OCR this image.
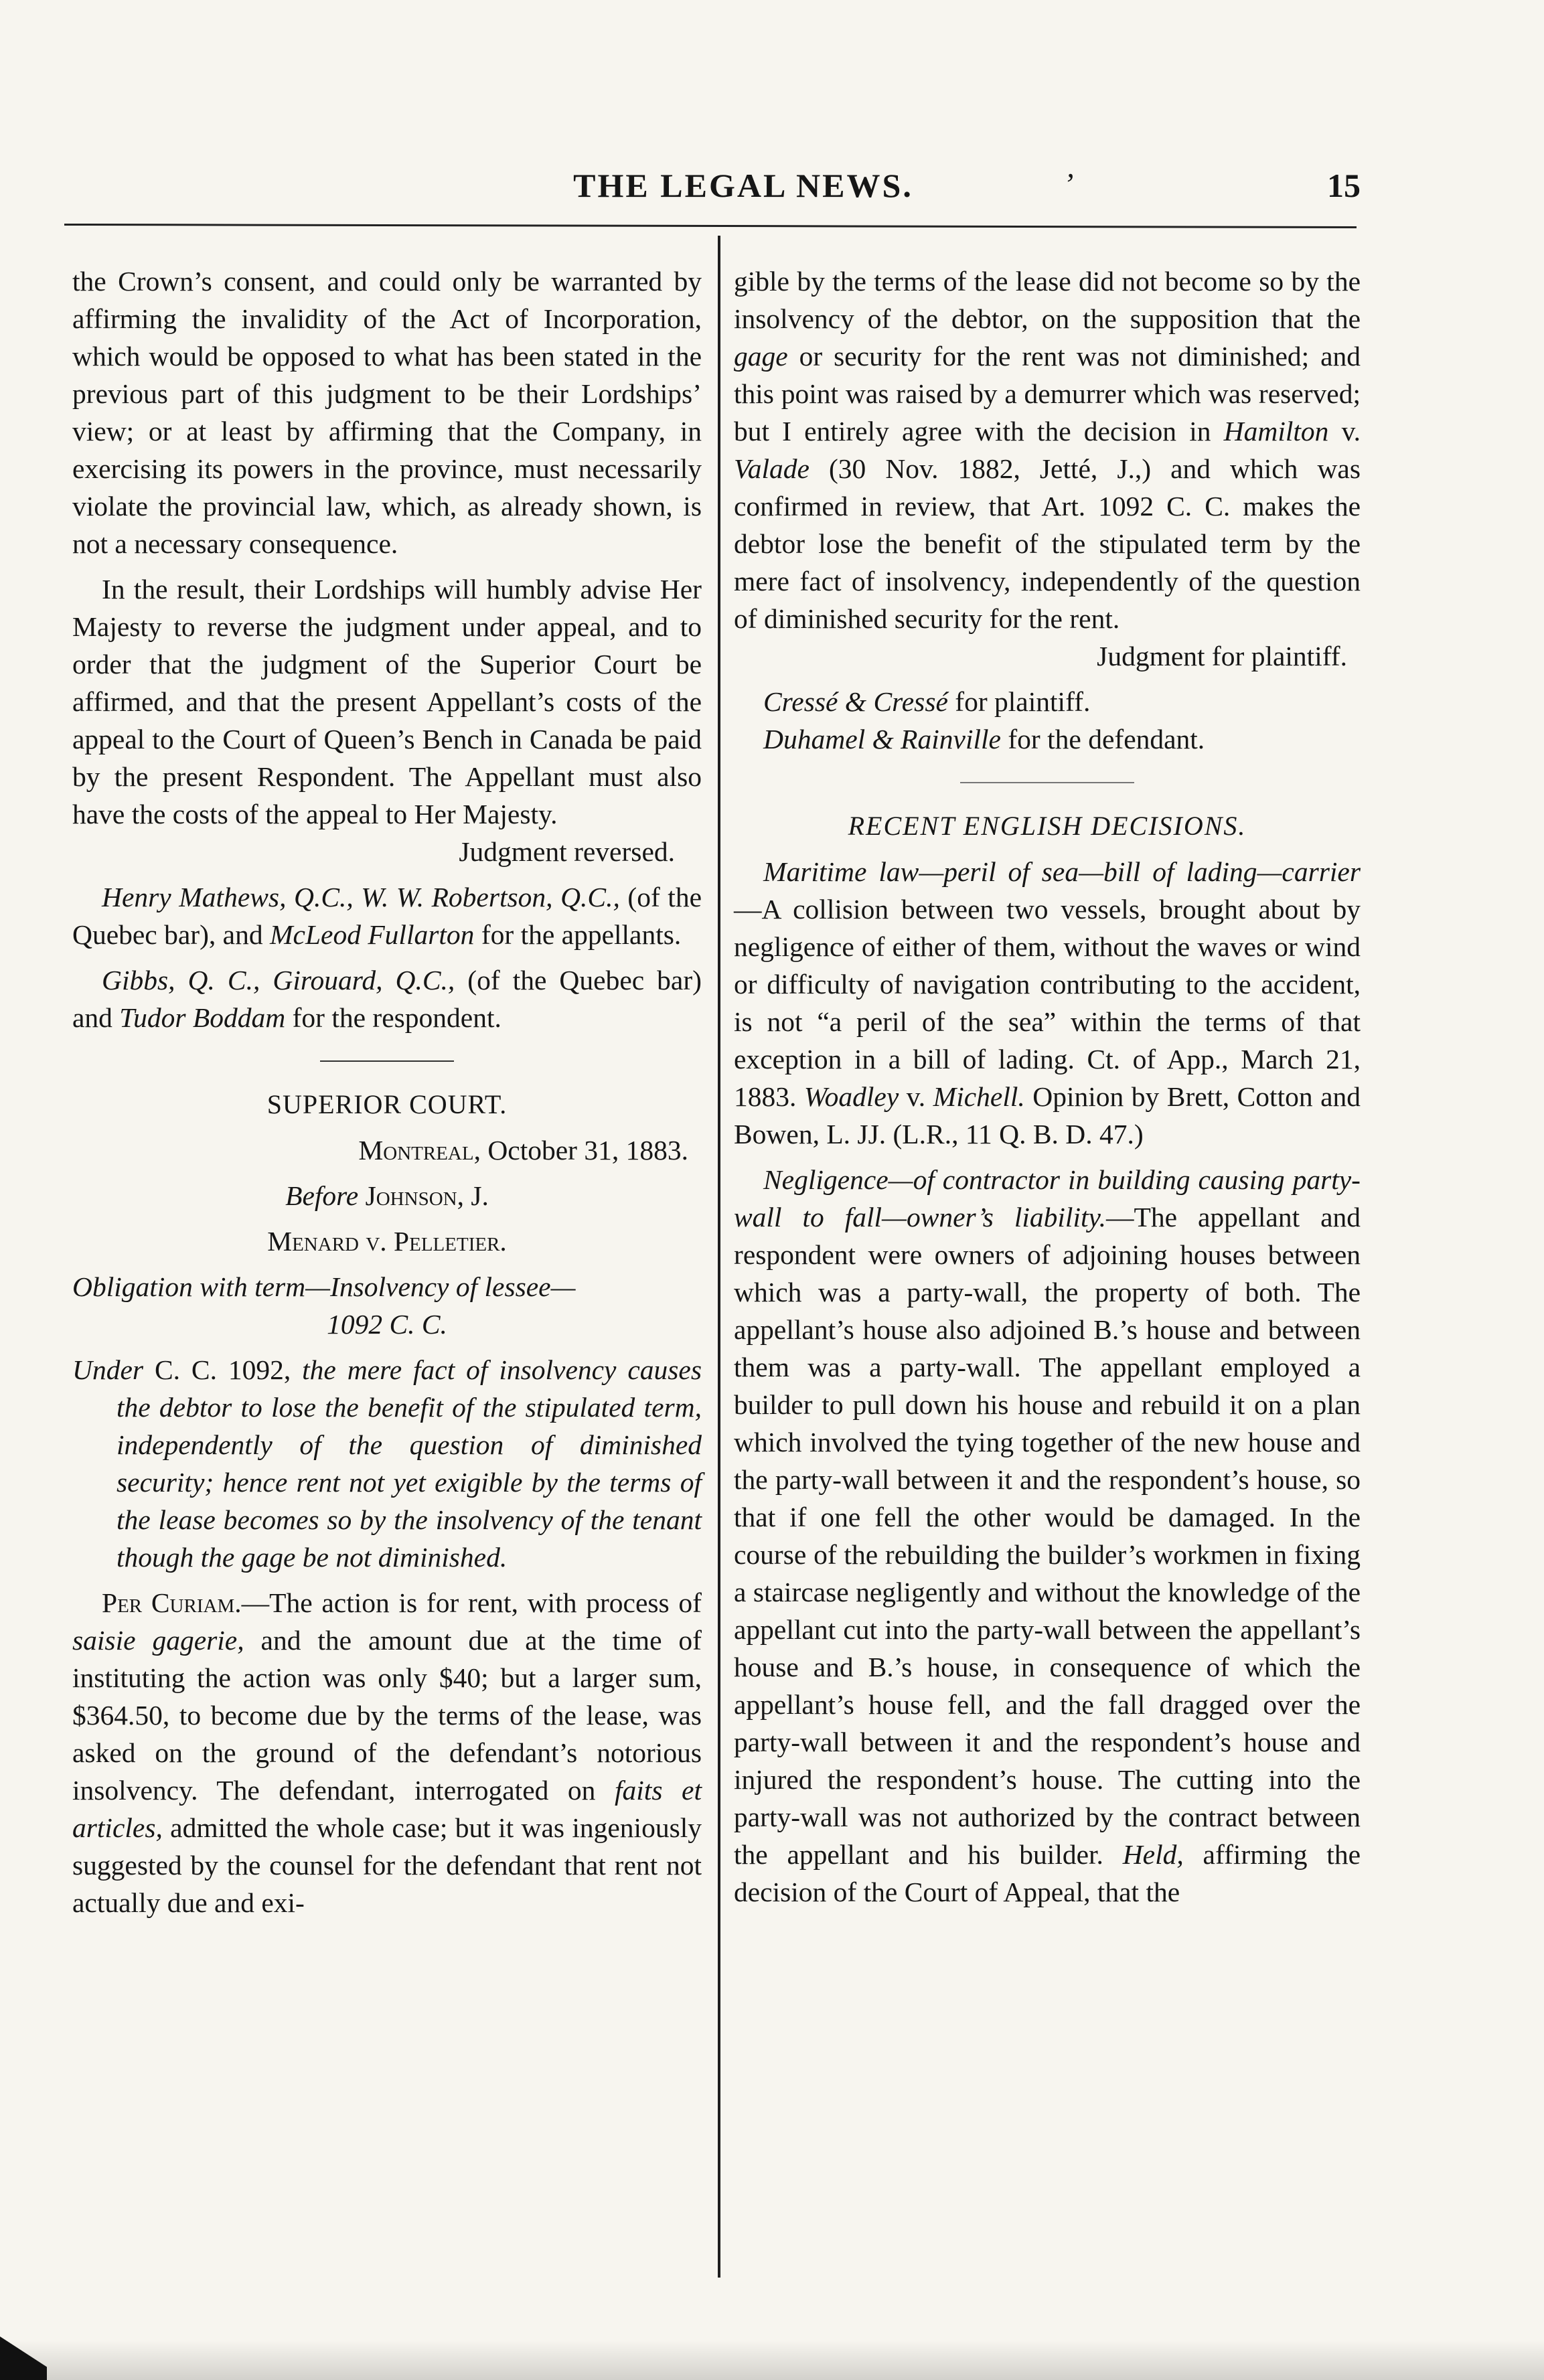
THE LEGAL NEWS.	’	15

the Crown’s consent, and could only be warranted by affirming the invalidity of the Act of Incorporation, which would be opposed to what has been stated in the previous part of this judgment to be their Lordships’ view; or at least by affirming that the Company, in exercising its powers in the province, must necessarily violate the provincial law, which, as already shown, is not a necessary consequence.

In the result, their Lordships will humbly advise Her Majesty to reverse the judgment under appeal, and to order that the judgment of the Superior Court be affirmed, and that the present Appellant’s costs of the appeal to the Court of Queen’s Bench in Canada be paid by the present Respondent. The Appellant must also have the costs of the appeal to Her Majesty.

Judgment reversed.

Henry Mathews, Q.C., W. W. Robertson, Q.C., (of the Quebec bar), and McLeod Fullarton for the appellants.

Gibbs, Q. C., Girouard, Q.C., (of the Quebec bar) and Tudor Boddam for the respondent.

SUPERIOR COURT.

Montreal, October 31, 1883.

Before Johnson, J.

Menard v. Pelletier.

Obligation with term—Insolvency of lessee—

1092 C. C.

Under C. C. 1092, the mere fact of insolvency causes the debtor to lose the benefit of the stipulated term, independently of the question of diminished security; hence rent not yet exigible by the terms of the lease becomes so by the insolvency of the tenant though the gage be not diminished.

Per Curiam.—The action is for rent, with process of saisie gagerie, and the amount due at the time of instituting the action was only $40; but a larger sum, $364.50, to become due by the terms of the lease, was asked on the ground of the defendant’s notorious insolvency. The defendant, interrogated on faits et articles, admitted the whole case; but it was ingeniously suggested by the counsel for the defendant that rent not actually due and exi-

gible by the terms of the lease did not become so by the insolvency of the debtor, on the supposition that the gage or security for the rent was not diminished; and this point was raised by a demurrer which was reserved; but I entirely agree with the decision in Hamilton v. Valade (30 Nov. 1882, Jetté, J.,) and which was confirmed in review, that Art. 1092 C. C. makes the debtor lose the benefit of the stipulated term by the mere fact of insolvency, independently of the question of diminished security for the rent.

Judgment for plaintiff.

Cressé & Cressé for plaintiff.

Duhamel & Rainville for the defendant.

RECENT ENGLISH DECISIONS.

Maritime law—peril of sea—bill of lading—carrier—A collision between two vessels, brought about by negligence of either of them, without the waves or wind or difficulty of navigation contributing to the accident, is not “a peril of the sea” within the terms of that exception in a bill of lading. Ct. of App., March 21, 1883. Woadley v. Michell. Opinion by Brett, Cotton and Bowen, L. JJ. (L.R., 11 Q. B. D. 47.)

Negligence—of contractor in building causing party-wall to fall—owner’s liability.—The appellant and respondent were owners of adjoining houses between which was a party-wall, the property of both. The appellant’s house also adjoined B.’s house and between them was a party-wall. The appellant employed a builder to pull down his house and rebuild it on a plan which involved the tying together of the new house and the party-wall between it and the respondent’s house, so that if one fell the other would be damaged. In the course of the rebuilding the builder’s workmen in fixing a staircase negligently and without the knowledge of the appellant cut into the party-wall between the appellant’s house and B.’s house, in consequence of which the appellant’s house fell, and the fall dragged over the party-wall between it and the respondent’s house and injured the respondent’s house. The cutting into the party-wall was not authorized by the contract between the appellant and his builder. Held, affirming the decision of the Court of Appeal, that the
